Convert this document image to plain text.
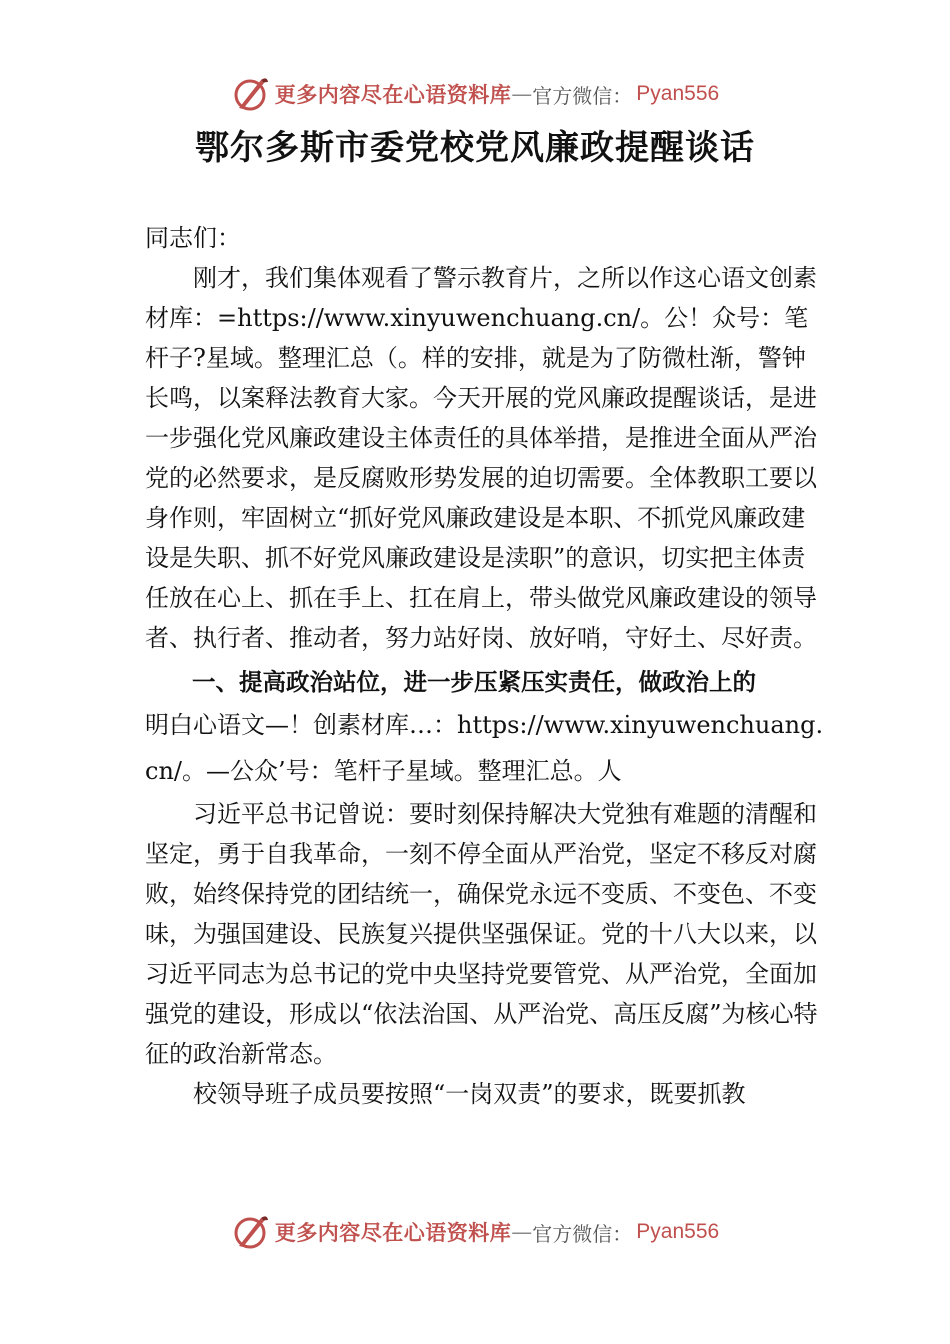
更多内容尽在心语资料库 — 官方微信： Pyan556
鄂尔多斯市委党校党风廉政提醒谈话

同志们：

刚才，我们集体观看了警示教育片，之所以作这心语文创素材库：=https://www.xinyuwenchuang.cn/。公！众号：笔杆子?星域。整理汇总（。样的安排，就是为了防微杜渐，警钟长鸣，以案释法教育大家。今天开展的党风廉政提醒谈话，是进一步强化党风廉政建设主体责任的具体举措，是推进全面从严治党的必然要求，是反腐败形势发展的迫切需要。全体教职工要以身作则，牢固树立“抓好党风廉政建设是本职、不抓党风廉政建设是失职、抓不好党风廉政建设是渎职”的意识，切实把主体责任放在心上、抓在手上、扛在肩上，带头做党风廉政建设的领导者、执行者、推动者，努力站好岗、放好哨，守好土、尽好责。

一、提高政治站位，进一步压紧压实责任，做政治上的

明白心语文—！创素材库…：https://www.xinyuwenchuang.cn/。—公众’号：笔杆子星域。整理汇总。人

习近平总书记曾说：要时刻保持解决大党独有难题的清醒和坚定，勇于自我革命，一刻不停全面从严治党，坚定不移反对腐败，始终保持党的团结统一，确保党永远不变质、不变色、不变味，为强国建设、民族复兴提供坚强保证。党的十八大以来，以习近平同志为总书记的党中央坚持党要管党、从严治党，全面加强党的建设，形成以“依法治国、从严治党、高压反腐”为核心特征的政治新常态。

校领导班子成员要按照“一岗双责”的要求，既要抓教

更多内容尽在心语资料库 — 官方微信： Pyan556
